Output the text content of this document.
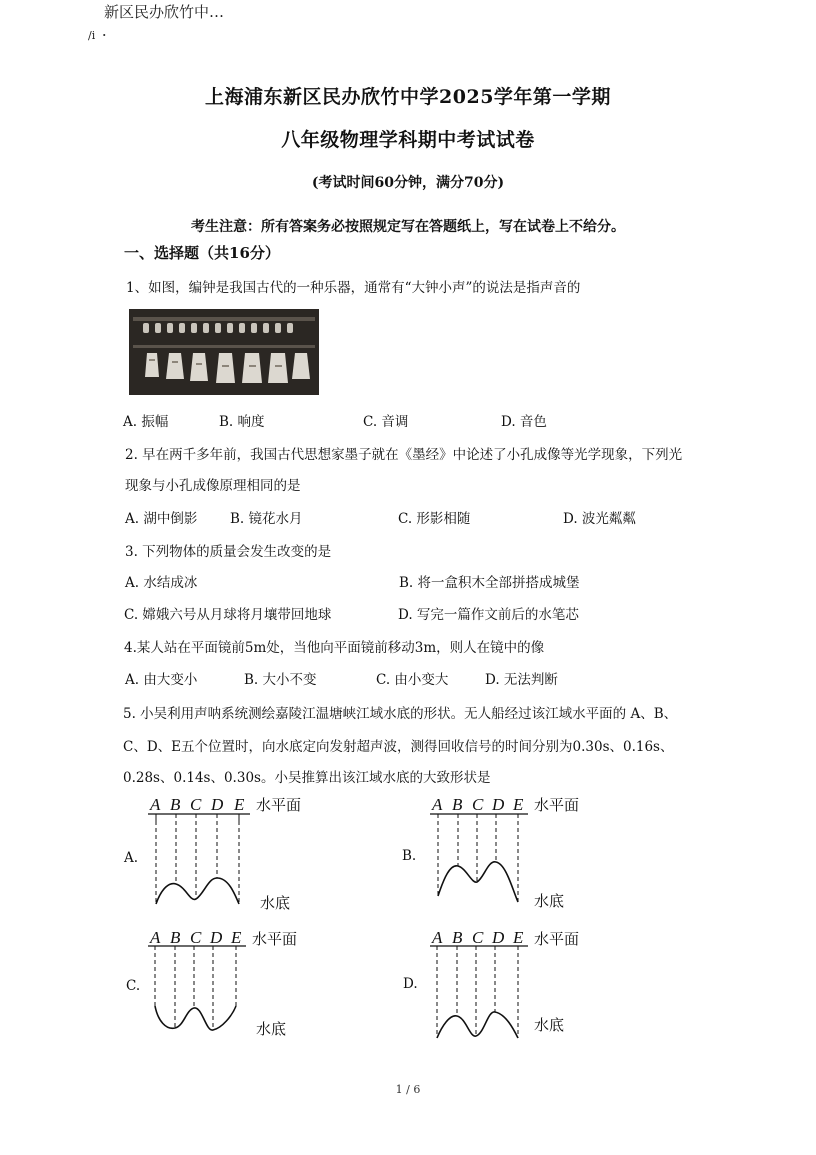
新区民办欣竹中…
/i ・
上海浦东新区民办欣竹中学2025学年第一学期
八年级物理学科期中考试试卷
(考试时间60分钟，满分70分)
考生注意：所有答案务必按照规定写在答题纸上，写在试卷上不给分。
一、选择题（共16分）
1、如图，编钟是我国古代的一种乐器，通常有“大钟小声”的说法是指声音的
A. 振幅	B. 响度	C. 音调	D. 音色
2. 早在两千多年前，我国古代思想家墨子就在《墨经》中论述了小孔成像等光学现象，下列光
现象与小孔成像原理相同的是
A. 湖中倒影 B. 镜花水月	C. 形影相随	D. 波光粼粼
3. 下列物体的质量会发生改变的是
A. 水结成冰	B. 将一盒积木全部拼搭成城堡
C. 嫦娥六号从月球将月壤带回地球	D. 写完一篇作文前后的水笔芯
4.某人站在平面镜前5m处，当他向平面镜前移动3m，则人在镜中的像
A. 由大变小	B. 大小不变	C. 由小变大	D. 无法判断
5. 小吴利用声呐系统测绘嘉陵江温塘峡江域水底的形状。无人船经过该江域水平面的 A、B、
C、D、E五个位置时，向水底定向发射超声波，测得回收信号的时间分别为0.30s、0.16s、
0.28s、0.14s、0.30s。小吴推算出该江域水底的大致形状是
A.	B.
C.	D.
A B C D E 水平面
水底
A B C D E 水平面
水底
A B C D E 水平面
水底
A B C D E 水平面
水底
1 / 6
